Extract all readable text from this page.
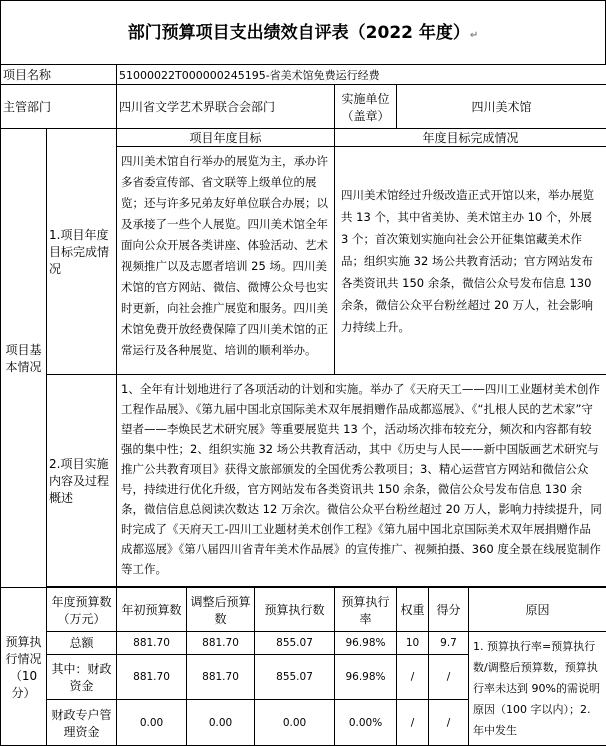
部门预算项目支出绩效自评表（2022 年度）↵
项目名称		51000022T000000245195-省美术馆免费运行经费						
主管部门		四川省文学艺术界联合会部门			实施单位（盖章）	四川美术馆		
项目基本情况	1.项目年度目标完成情况	项目年度目标			年度目标完成情况			
		四川美术馆自行举办的展览为主，承办许多省委宣传部、省文联等上级单位的展览；还与许多兄弟友好单位联合办展；以及承接了一些个人展览。四川美术馆全年面向公众开展各类讲座、体验活动、艺术视频推广以及志愿者培训 25 场。四川美术馆的官方网站、微信、微博公众号也实时更新，向社会推广展览和服务。四川美术馆免费开放经费保障了四川美术馆的正常运行及各种展览、培训的顺利举办。			四川美术馆经过升级改造正式开馆以来，举办展览共 13 个，其中省美协、美术馆主办 10 个，外展 3 个；首次策划实施向社会公开征集馆藏美术作品；组织实施 32 场公共教育活动；官方网站发布各类资讯共 150 余条，微信公众号发布信息 130 余条，微信公众平台粉丝超过 20 万人，社会影响力持续上升。			
	2.项目实施内容及过程概述	1、全年有计划地进行了各项活动的计划和实施。举办了《天府天工——四川工业题材美术创作工程作品展》、《第九届中国北京国际美术双年展捐赠作品成都巡展》、《“扎根人民的艺术家”守望者——李焕民艺术研究展》等重要展览共 13 个，活动场次排布较充分，频次和内容都有较强的集中性；2、组织实施 32 场公共教育活动，其中《历史与人民——新中国版画艺术研究与推广公共教育项目》获得文旅部颁发的全国优秀公教项目；3、精心运营官方网站和微信公众号，持续进行优化升级，官方网站发布各类资讯共 150 余条，微信公众号发布信息 130 余条，微信信息总阅读次数达 12 万余次。微信公众平台粉丝超过 20 万人，影响力持续提升，同时完成了《天府天工-四川工业题材美术创作工程》《第九届中国北京国际美术双年展捐赠作品成都巡展》《第八届四川省青年美术作品展》的宣传推广、视频拍摄、360 度全景在线展览制作等工作。						

预算执行情况（10 分）	年度预算数（万元）	年初预算数	调整后预算数	预算执行数	预算执行率	权重	得分	原因
	总额	881.70	881.70	855.07	96.98%	10	9.7	1. 预算执行率=预算执行数/调整后预算数，预算执行率未达到 90%的需说明原因（100 字以内）；2. 年中发生
	其中：财政资金	881.70	881.70	855.07	96.98%	/	/	
	财政专户管理资金	0.00	0.00	0.00	0.00%	/	/	
